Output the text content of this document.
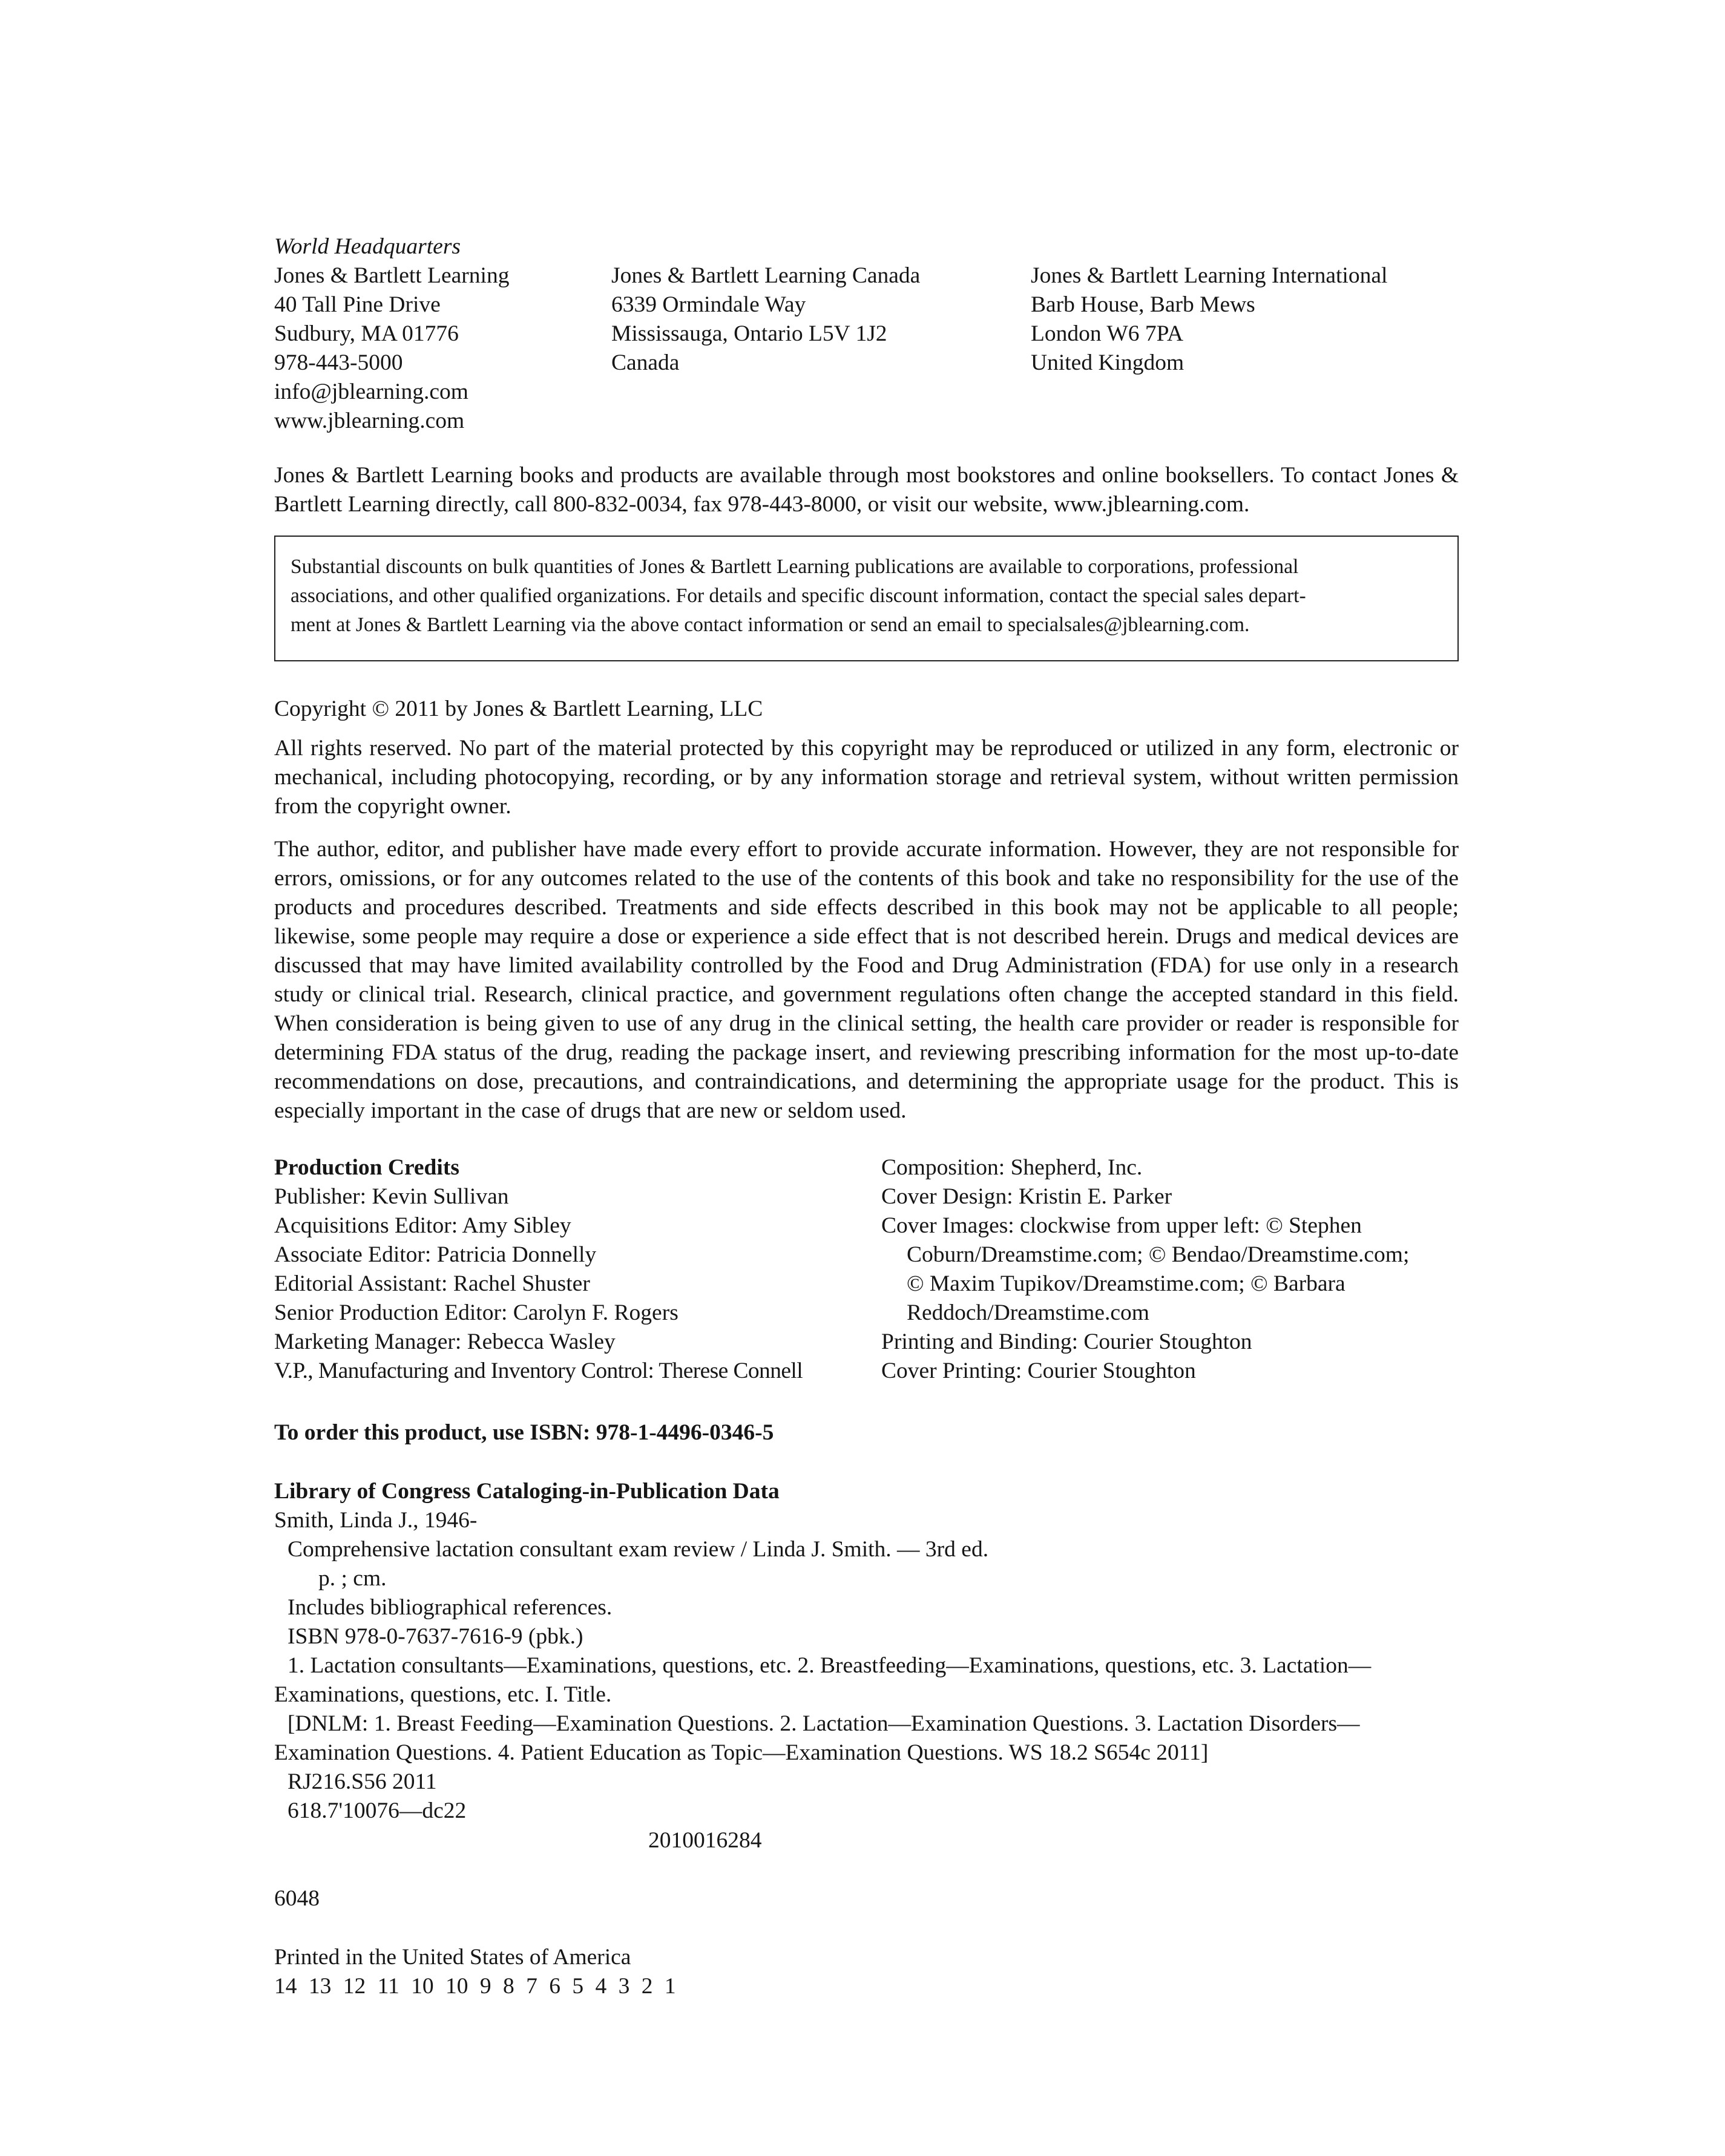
World Headquarters
Jones & Bartlett Learning
40 Tall Pine Drive
Sudbury, MA 01776
978-443-5000
info@jblearning.com
www.jblearning.com
Jones & Bartlett Learning Canada
6339 Ormindale Way
Mississauga, Ontario L5V 1J2
Canada
Jones & Bartlett Learning International
Barb House, Barb Mews
London W6 7PA
United Kingdom
Jones & Bartlett Learning books and products are available through most bookstores and online booksellers. To contact Jones & Bartlett Learning directly, call 800-832-0034, fax 978-443-8000, or visit our website, www.jblearning.com.
Substantial discounts on bulk quantities of Jones & Bartlett Learning publications are available to corporations, professional
associations, and other qualified organizations. For details and specific discount information, contact the special sales depart-
ment at Jones & Bartlett Learning via the above contact information or send an email to specialsales@jblearning.com.
Copyright © 2011 by Jones & Bartlett Learning, LLC
All rights reserved. No part of the material protected by this copyright may be reproduced or utilized in any form, electronic or mechanical, including photocopying, recording, or by any information storage and retrieval system, without written permission from the copyright owner.
The author, editor, and publisher have made every effort to provide accurate information. However, they are not responsible for errors, omissions, or for any outcomes related to the use of the contents of this book and take no responsibility for the use of the products and procedures described. Treatments and side effects described in this book may not be applicable to all people; likewise, some people may require a dose or experience a side effect that is not described herein. Drugs and medical devices are discussed that may have limited availability controlled by the Food and Drug Administration (FDA) for use only in a research study or clinical trial. Research, clinical practice, and government regulations often change the accepted standard in this field. When consideration is being given to use of any drug in the clinical setting, the health care provider or reader is responsible for determining FDA status of the drug, reading the package insert, and reviewing prescribing information for the most up-to-date recommendations on dose, precautions, and contraindications, and determining the appropriate usage for the product. This is especially important in the case of drugs that are new or seldom used.
Production Credits
Publisher: Kevin Sullivan
Acquisitions Editor: Amy Sibley
Associate Editor: Patricia Donnelly
Editorial Assistant: Rachel Shuster
Senior Production Editor: Carolyn F. Rogers
Marketing Manager: Rebecca Wasley
V.P., Manufacturing and Inventory Control: Therese Connell
Composition: Shepherd, Inc.
Cover Design: Kristin E. Parker
Cover Images: clockwise from upper left: © Stephen
Coburn/Dreamstime.com; © Bendao/Dreamstime.com;
© Maxim Tupikov/Dreamstime.com; © Barbara
Reddoch/Dreamstime.com
Printing and Binding: Courier Stoughton
Cover Printing: Courier Stoughton
To order this product, use ISBN: 978-1-4496-0346-5
Library of Congress Cataloging-in-Publication Data
Smith, Linda J., 1946-
Comprehensive lactation consultant exam review / Linda J. Smith. — 3rd ed.
p. ; cm.
Includes bibliographical references.
ISBN 978-0-7637-7616-9 (pbk.)
1. Lactation consultants—Examinations, questions, etc. 2. Breastfeeding—Examinations, questions, etc. 3. Lactation—
Examinations, questions, etc. I. Title.
[DNLM: 1. Breast Feeding—Examination Questions. 2. Lactation—Examination Questions. 3. Lactation Disorders—
Examination Questions. 4. Patient Education as Topic—Examination Questions. WS 18.2 S654c 2011]
RJ216.S56 2011
618.7'10076—dc22
2010016284
6048
Printed in the United States of America
14 13 12 11 10 10 9 8 7 6 5 4 3 2 1
